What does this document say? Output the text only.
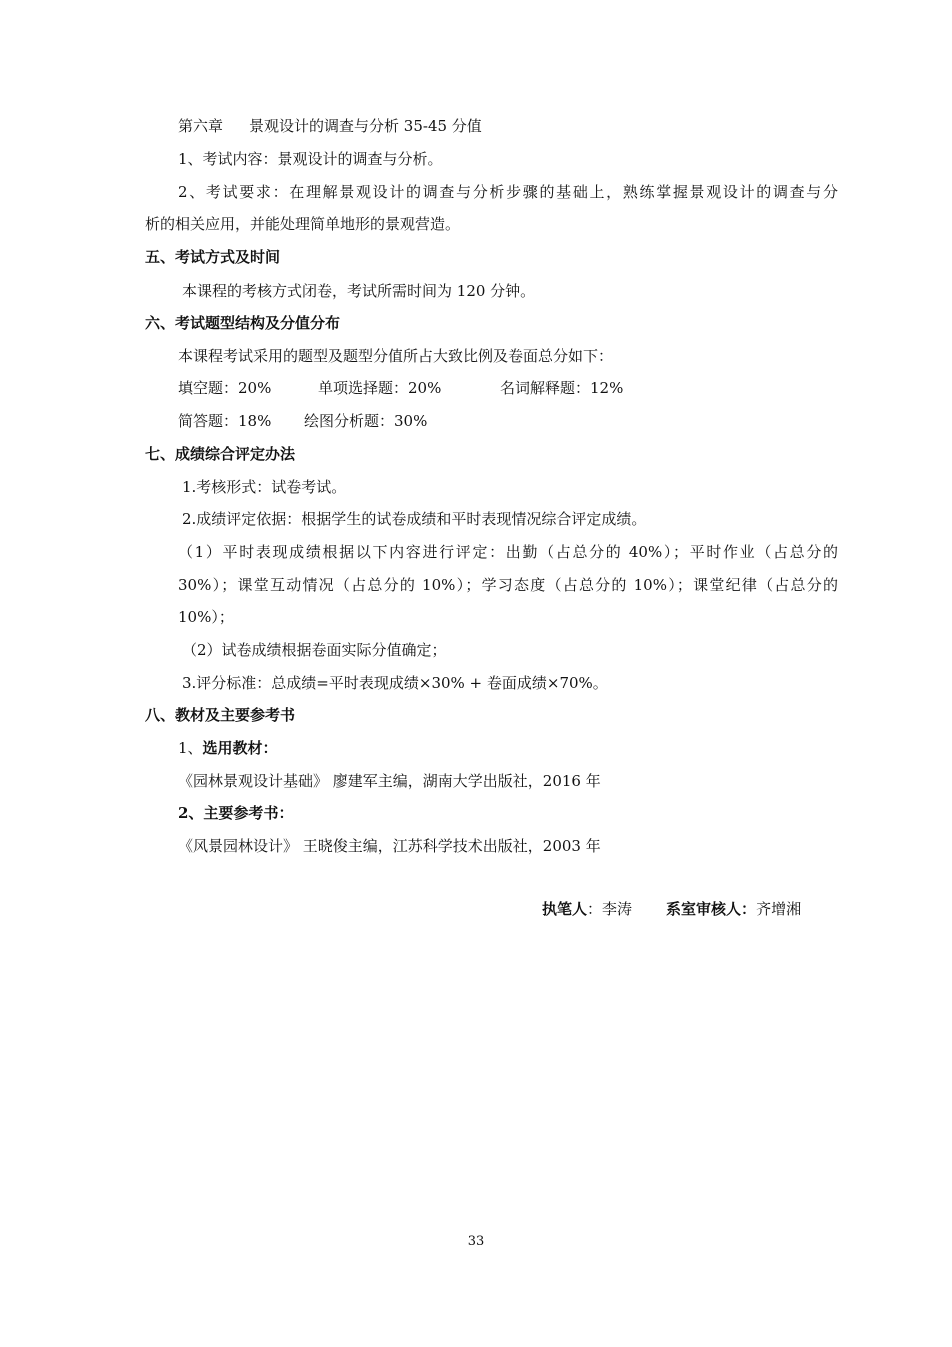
第六章 景观设计的调查与分析 35-45 分值
1、考试内容：景观设计的调查与分析。
2、考试要求：在理解景观设计的调查与分析步骤的基础上，熟练掌握景观设计的调查与分
析的相关应用，并能处理简单地形的景观营造。
五、考试方式及时间
本课程的考核方式闭卷，考试所需时间为 120 分钟。
六、考试题型结构及分值分布
本课程考试采用的题型及题型分值所占大致比例及卷面总分如下：
填空题：20%	单项选择题：20%	名词解释题：12%
简答题：18% 绘图分析题：30%
七、成绩综合评定办法
1.考核形式：试卷考试。
2.成绩评定依据：根据学生的试卷成绩和平时表现情况综合评定成绩。
（1）平时表现成绩根据以下内容进行评定：出勤（占总分的 40%）；平时作业（占总分的
30%）；课堂互动情况（占总分的 10%）；学习态度（占总分的 10%）；课堂纪律（占总分的
10%）；
（2）试卷成绩根据卷面实际分值确定；
3.评分标准：总成绩=平时表现成绩×30% + 卷面成绩×70%。
八、教材及主要参考书
1、选用教材：
《园林景观设计基础》 廖建军主编，湖南大学出版社，2016 年
2、主要参考书：
《风景园林设计》 王晓俊主编，江苏科学技术出版社，2003 年
执笔人：李涛 系室审核人：齐增湘
33
